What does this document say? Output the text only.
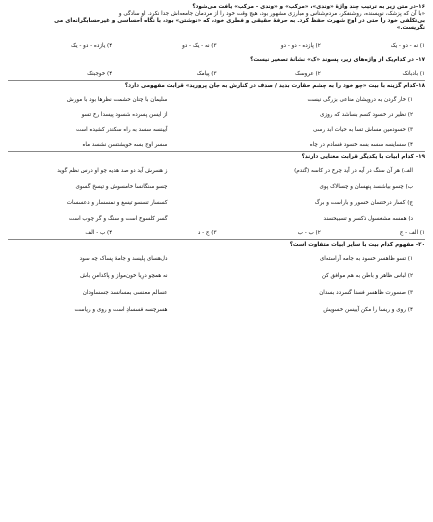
۱۶-در متن زیر به ترتیب چند واژهٔ «وندی»، «مرکب» و «وندی - مرکب» یافت می‌شود؟

«با آن که پزشک، نویسنده، روشنفکر، مردم‌شناس و مبارزی مشهور بود، هیچ وقت خود را از مردمان جامعه‌اش جدا نکرد. او سادگی و

بی‌تکلفی خود را حتی در اوج شهرت حفظ کرد. به حرفهٔ حقیقی و فطری خود، که «نوشتن» بود، با نگاه احساسی و غیرحسابگرانه‌ای می‌

نگریست.»

۱) نه - دو - یک
۲) پازده - دو - دو
۳) نه - یک - دو
۴) یازده - دو - یک

۱۷- در کدام‌یک از واژه‌های زیر، پسوند «ک» نشانهٔ تصغیر نیست؟

۱) بادبانک
۲) عروسک
۳) پیامک
۴) خوجبنک

۱۸-کدام گزینه با بیت «چو خود را به چشم حقارت بدید / صدف در کنارش به جان پرورید» قرابت مفهومی دارد؟

۱) خار گردن به درویشان مناعی بزرگی نیست
سلیمان با چنان حشمت نظرها بود با مورش
۲) نظیر در خسود کسم بساشد که روزی
از ایسن پسرده شسود پیسدا رخ تسو
۳) حسودمین مساش تسا به حیات ابد رسی
آیینسه سسد به راه سکندر کشیده است
۴) سسایسه سسه بسه خسود فسادم در چاه
سسر اوج بسه خویشتسن نشسد ماه

۱۹- کدام ابیات با یکدیگر قرابت معنایی دارند؟

الف) هر آن سنگ در آیه در آید چرخ در کاسه (گندم)
ز هسرش آید دو صد هدیه چو او درس نظم گوید
ب) چسو بیاشسد پنهسان و چسالاک پوی
چسو سنگانسا خامسوش و تیسخ گسوی
ج) کسار درختسان خسور و باراست و برگ
کسسار تسسو تیسغ و نمسسار و دعسسات
د) همسه مشغسول ذکسر و تسبیحسند
گسر کلسوخ است و سنگ و گر چوب است
۱) الف - ج
۲) ب - ب
۳) ج - د
۴) ب - الف

۲۰- مفهوم کدام بیت با سایر ابیات متفاوت است؟

۱) تسو ظاهسر خسود به جامه آراسته‌ای
دل‌هسای پلیسد و جامهٔ پساک چه سود
۲) لباس ظاهر و باطن به هم موافق کن
نه همچو درِیا خون‌مواز و پاکدامنِ باش
۳) صسورت ظاهسر فسنا گسردد بسدان
عسالم معنسی بمسانسد جسساودان
۴) روی و ریسا را مکن آییسن خسویش
هسرچسه فسسادِ است و روی و ریاست
